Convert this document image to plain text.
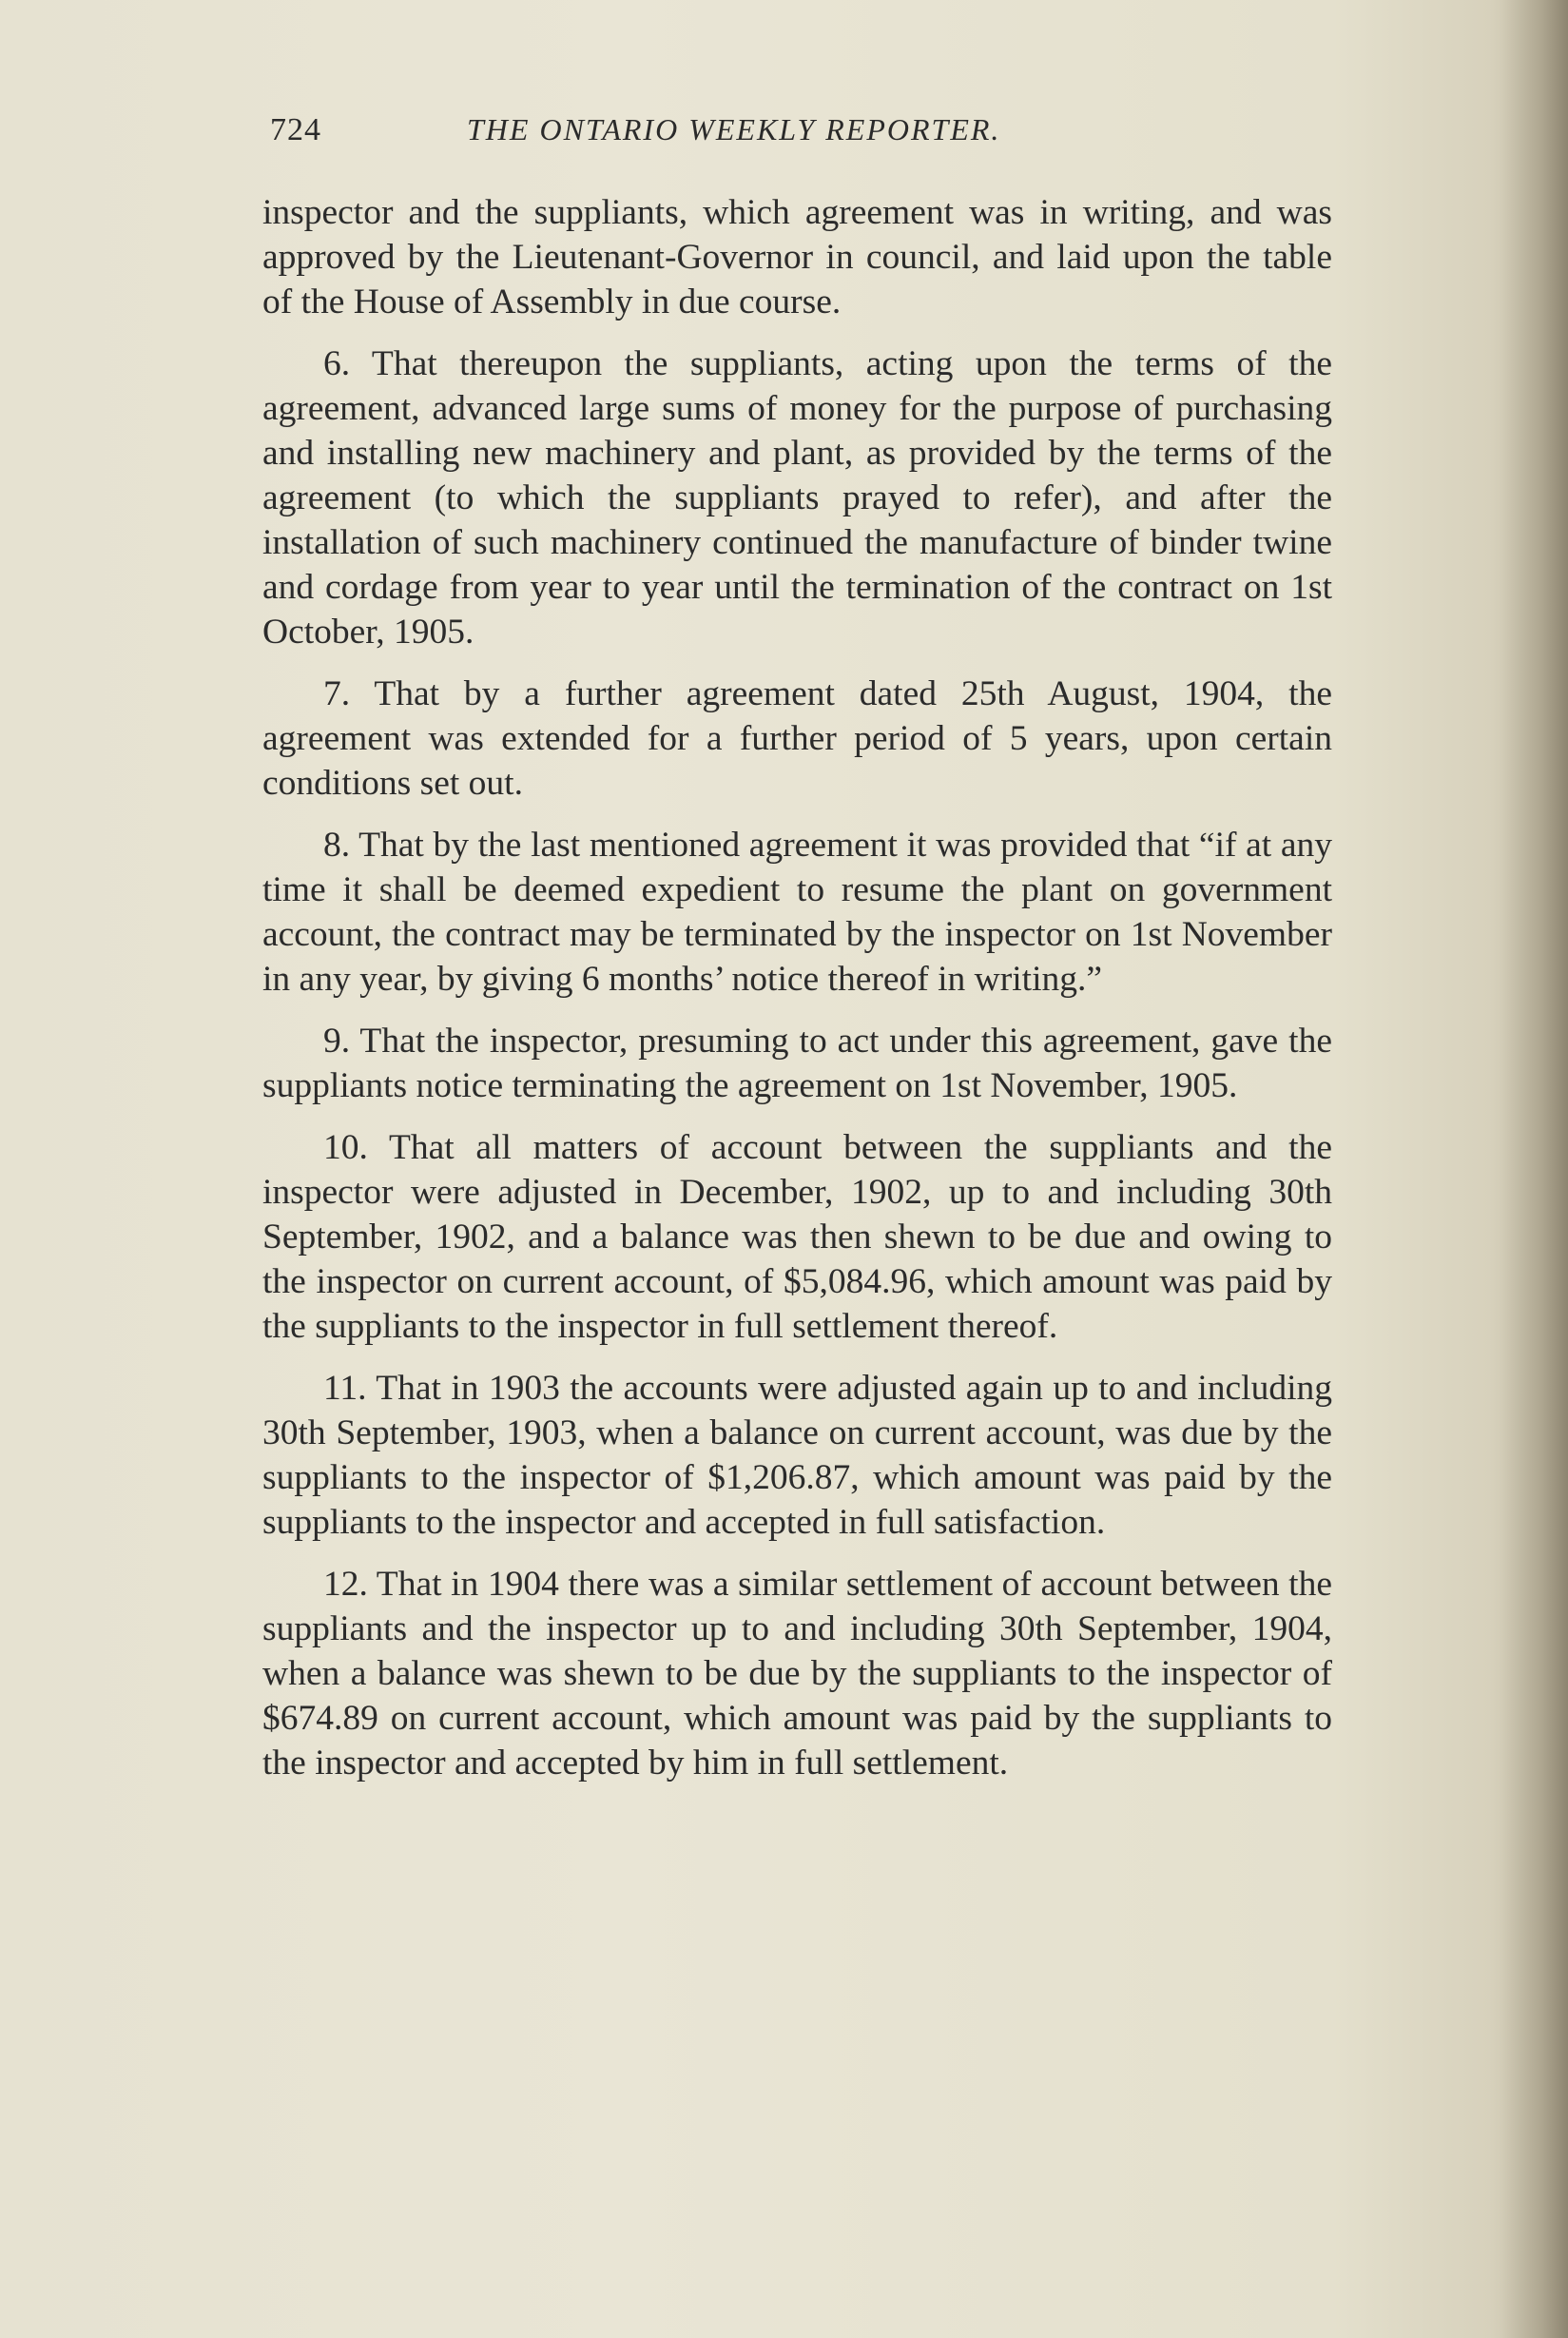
724	THE ONTARIO WEEKLY REPORTER.

inspector and the suppliants, which agreement was in writing, and was approved by the Lieutenant-Governor in council, and laid upon the table of the House of Assembly in due course.

6. That thereupon the suppliants, acting upon the terms of the agreement, advanced large sums of money for the purpose of purchasing and installing new machinery and plant, as provided by the terms of the agreement (to which the suppliants prayed to refer), and after the installation of such machinery continued the manufacture of binder twine and cordage from year to year until the termination of the contract on 1st October, 1905.

7. That by a further agreement dated 25th August, 1904, the agreement was extended for a further period of 5 years, upon certain conditions set out.

8. That by the last mentioned agreement it was provided that “if at any time it shall be deemed expedient to resume the plant on government account, the contract may be terminated by the inspector on 1st November in any year, by giving 6 months’ notice thereof in writing.”

9. That the inspector, presuming to act under this agreement, gave the suppliants notice terminating the agreement on 1st November, 1905.

10. That all matters of account between the suppliants and the inspector were adjusted in December, 1902, up to and including 30th September, 1902, and a balance was then shewn to be due and owing to the inspector on current account, of $5,084.96, which amount was paid by the suppliants to the inspector in full settlement thereof.

11. That in 1903 the accounts were adjusted again up to and including 30th September, 1903, when a balance on current account, was due by the suppliants to the inspector of $1,206.87, which amount was paid by the suppliants to the inspector and accepted in full satisfaction.

12. That in 1904 there was a similar settlement of account between the suppliants and the inspector up to and including 30th September, 1904, when a balance was shewn to be due by the suppliants to the inspector of $674.89 on current account, which amount was paid by the suppliants to the inspector and accepted by him in full settlement.
